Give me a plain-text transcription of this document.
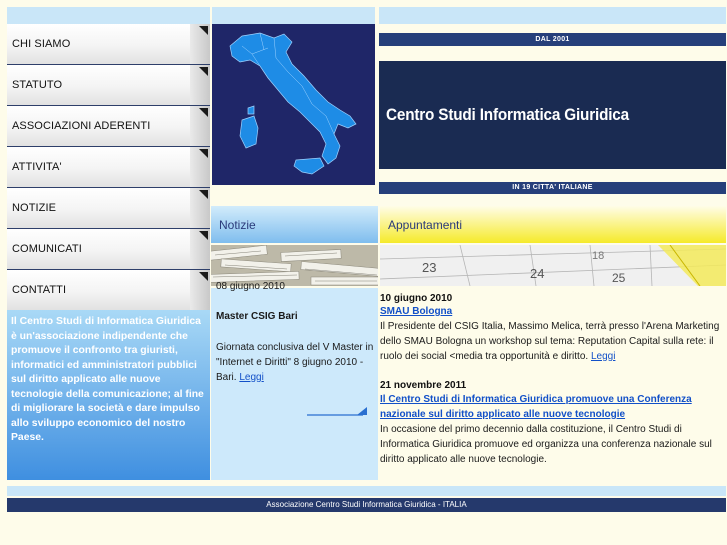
CHI SIAMO
STATUTO
ASSOCIAZIONI ADERENTI
ATTIVITA'
NOTIZIE
COMUNICATI
CONTATTI

Il Centro Studi di Informatica Giuridica è un'associazione indipendente che promuove il confronto tra giuristi, informatici ed amministratori pubblici sul diritto applicato alle nuove tecnologie della comunicazione; al fine di migliorare la società e dare impulso allo sviluppo economico del nostro Paese.

DAL 2001
Centro Studi Informatica Giuridica
IN 19 CITTA' ITALIANE
Notizie
08 giugno 2010
Master CSIG Bari
Giornata conclusiva del V Master in "Internet e Diritti" 8 giugno 2010 - Bari. Leggi
Appuntamenti
23	24
18
25

10 giugno 2010

SMAU Bologna

Il Presidente del CSIG Italia, Massimo Melica, terrà presso l'Arena Marketing dello SMAU Bologna un workshop sul tema: Reputation Capital sulla rete: il ruolo dei social <media tra opportunità e diritto. Leggi

21 novembre 2011

Il Centro Studi di Informatica Giuridica promuove una Conferenza nazionale sul diritto applicato alle nuove tecnologie

In occasione del primo decennio dalla costituzione, il Centro Studi di Informatica Giuridica promuove ed organizza una conferenza nazionale sul diritto applicato alle nuove tecnologie.

Associazione Centro Studi Informatica Giuridica - ITALIA
